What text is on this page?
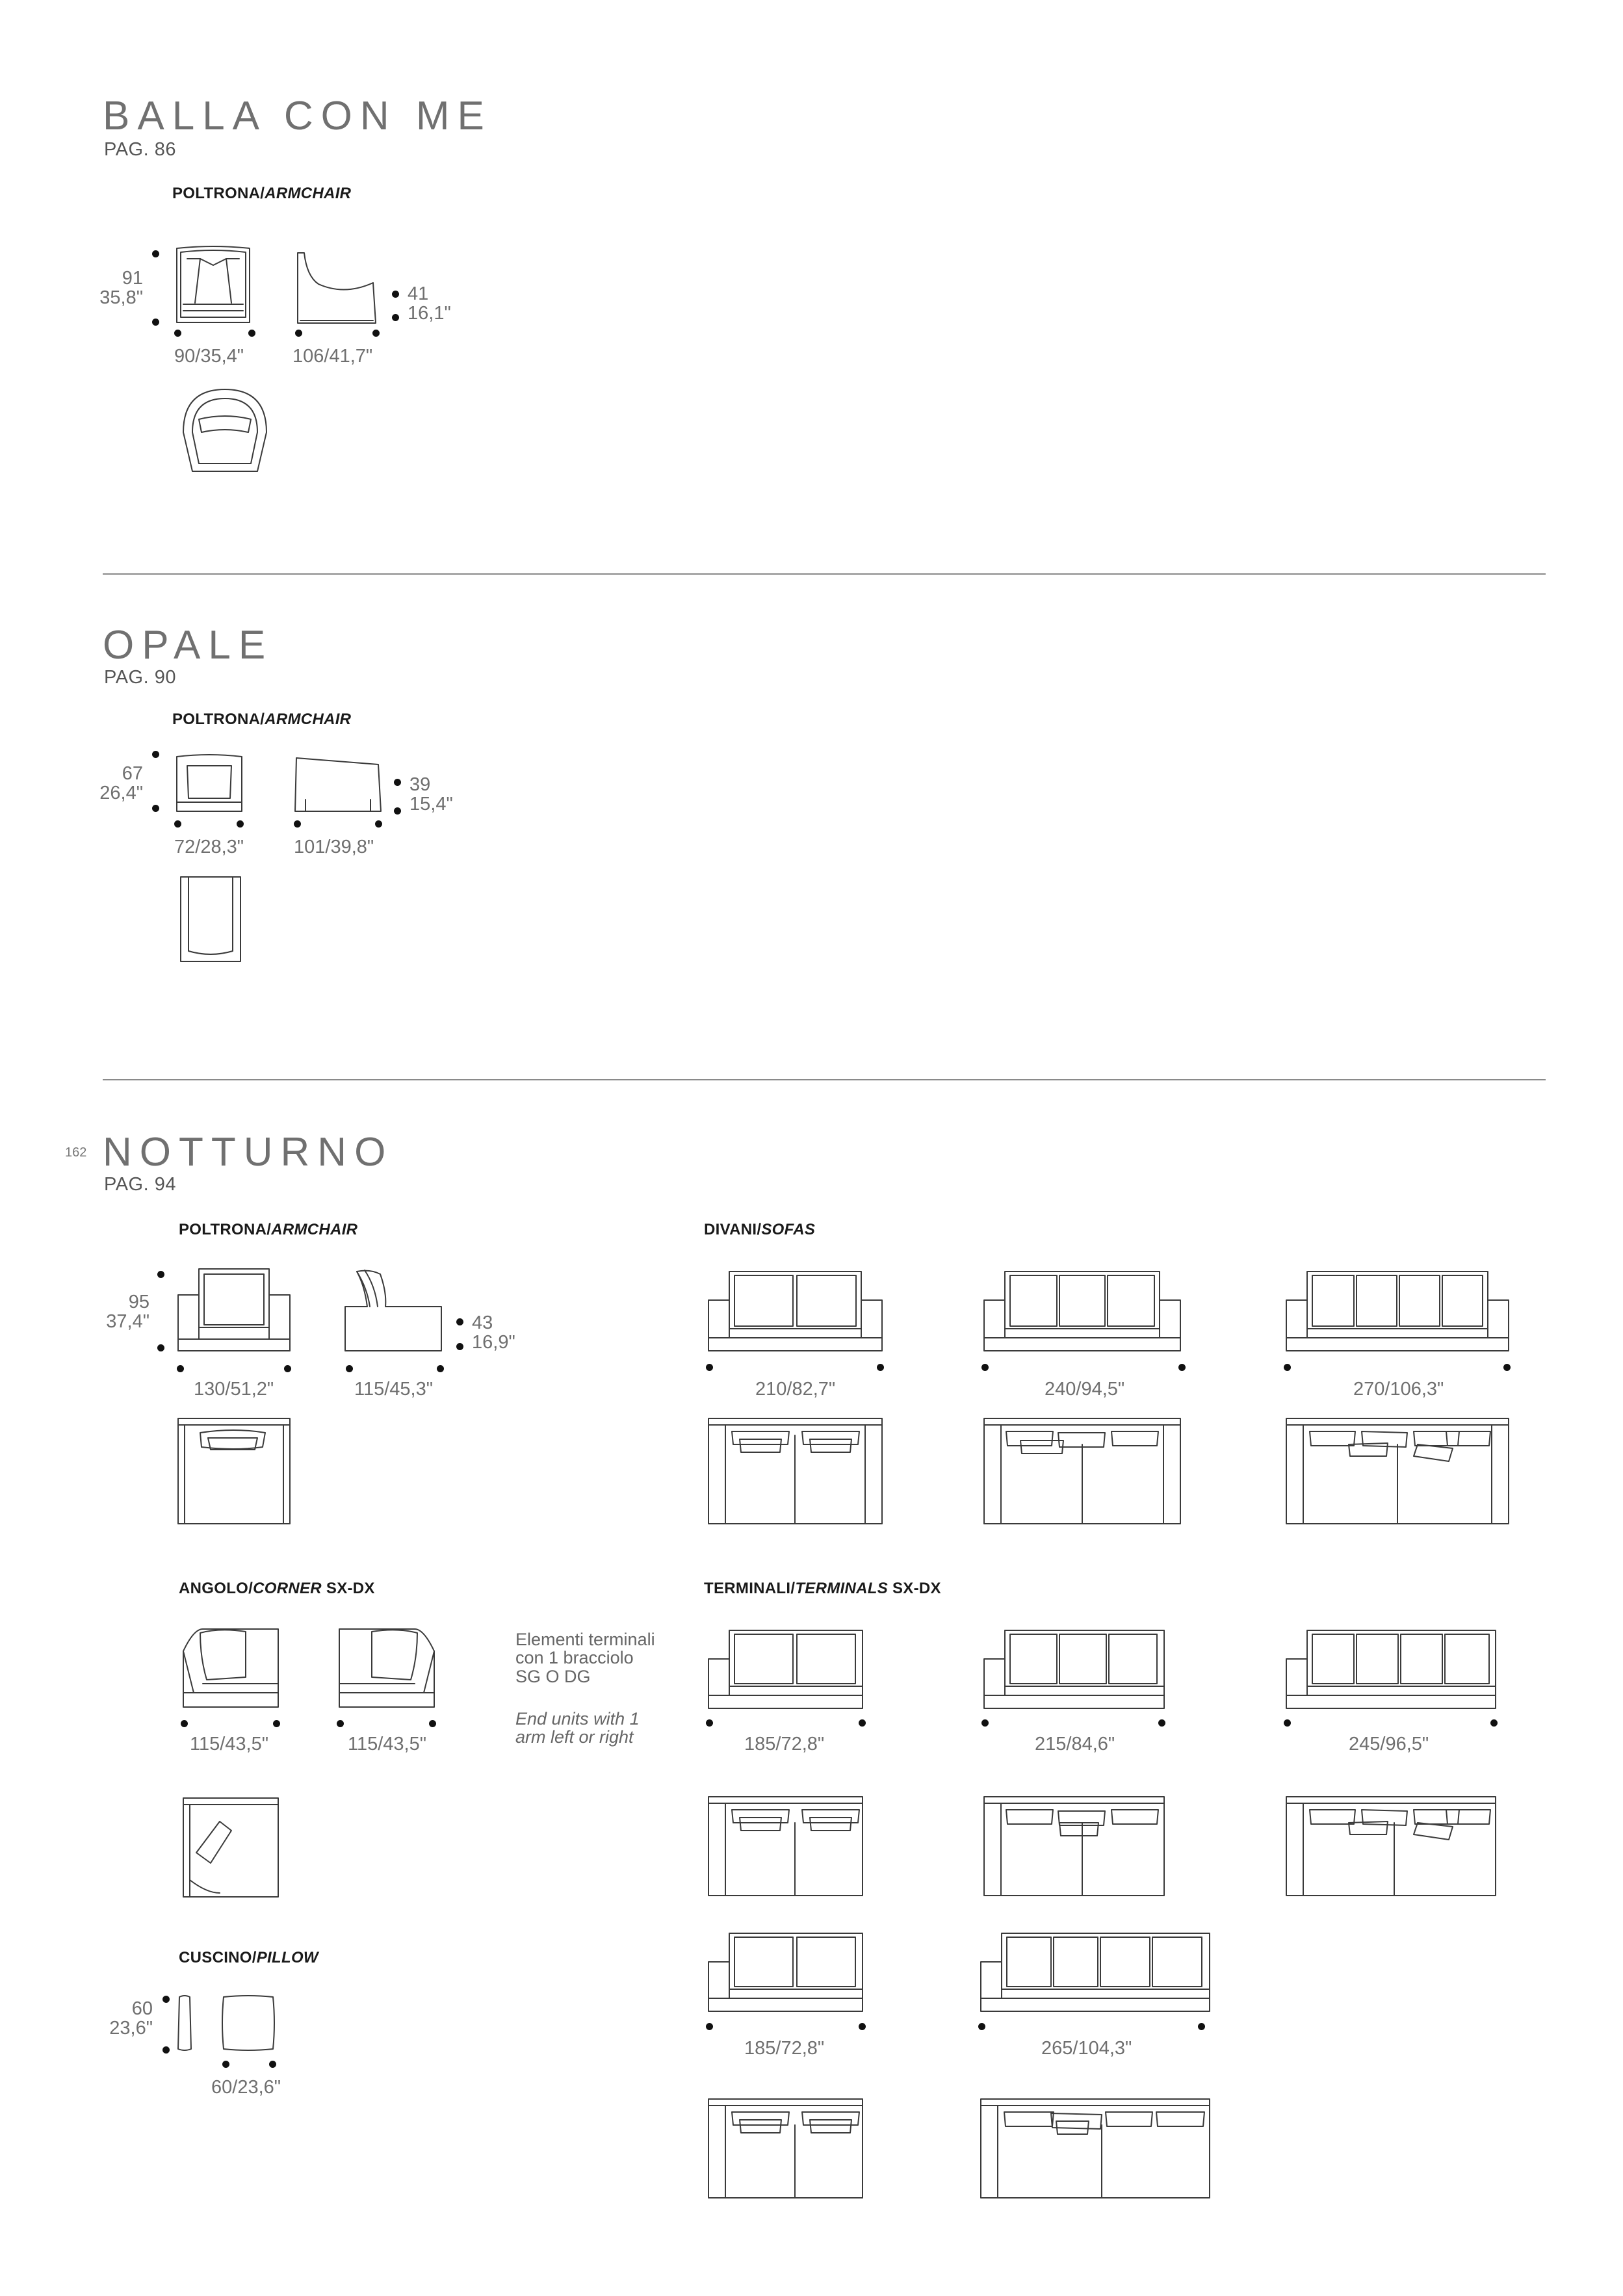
BALLA CON ME
PAG. 86
POLTRONA/ARMCHAIR
91
35,8"
90/35,4"	106/41,7"
41
16,1"
OPALE
PAG. 90
POLTRONA/ARMCHAIR
67
26,4"
72/28,3"	101/39,8"
39
15,4"
162 NOTTURNO
PAG. 94
POLTRONA/ARMCHAIR
95
37,4"
130/51,2"	115/45,3"
43
16,9"
DIVANI/SOFAS
210/82,7"	240/94,5"	270/106,3"
ANGOLO/CORNER SX-DX
115/43,5"	115/43,5"
Elementi terminali con 1 bracciolo SG O DG
End units with 1 arm left or right
TERMINALI/TERMINALS SX-DX
185/72,8"	215/84,6"	245/96,5"
185/72,8"	265/104,3"
CUSCINO/PILLOW
60
23,6"
60/23,6"
